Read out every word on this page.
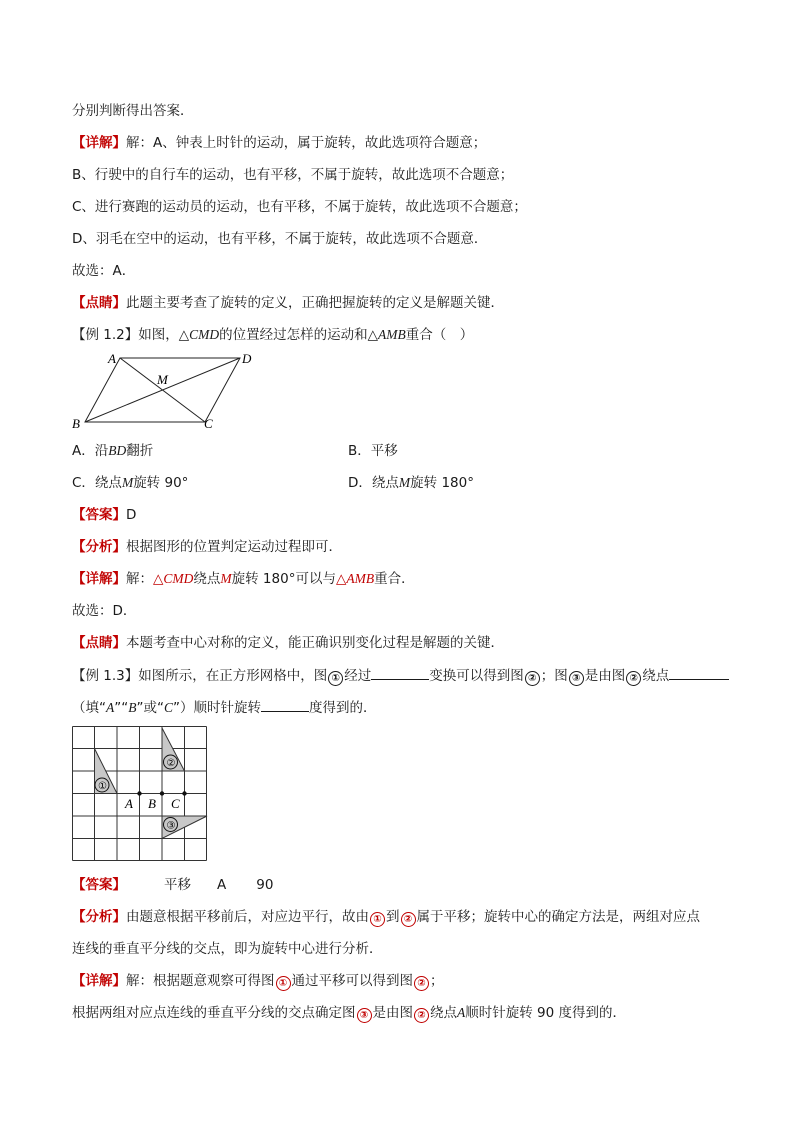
分别判断得出答案．
【详解】解：A、钟表上时针的运动，属于旋转，故此选项符合题意；
B、行驶中的自行车的运动，也有平移，不属于旋转，故此选项不合题意；
C、进行赛跑的运动员的运动，也有平移，不属于旋转，故此选项不合题意；
D、羽毛在空中的运动，也有平移，不属于旋转，故此选项不合题意．
故选：A．
【点睛】此题主要考查了旋转的定义，正确把握旋转的定义是解题关键．
【例 1.2】如图，△CMD的位置经过怎样的运动和△AMB重合（　）
A	D
B	C
M
A．沿BD翻折	B．平移
C．绕点M旋转 90°	D．绕点M旋转 180°
【答案】D
【分析】根据图形的位置判定运动过程即可．
【详解】解：△CMD绕点M旋转 180°可以与△AMB重合．
故选：D．
【点睛】本题考查中心对称的定义，能正确识别变化过程是解题的关键．
【例 1.3】如图所示，在正方形网格中，图 ① 经过	变换可以得到图 ② ；图 ③ 是由图 ② 绕点
（填“A”“B”或“C”）顺时针旋转	度得到的．
①
②
③
A B C
【答案】	平移 A 90
【分析】由题意根据平移前后，对应边平行，故由 ① 到 ② 属于平移；旋转中心的确定方法是，两组对应点
连线的垂直平分线的交点，即为旋转中心进行分析．
【详解】解：根据题意观察可得图 ① 通过平移可以得到图 ② ；
根据两组对应点连线的垂直平分线的交点确定图 ③ 是由图 ② 绕点A顺时针旋转 90 度得到的．
